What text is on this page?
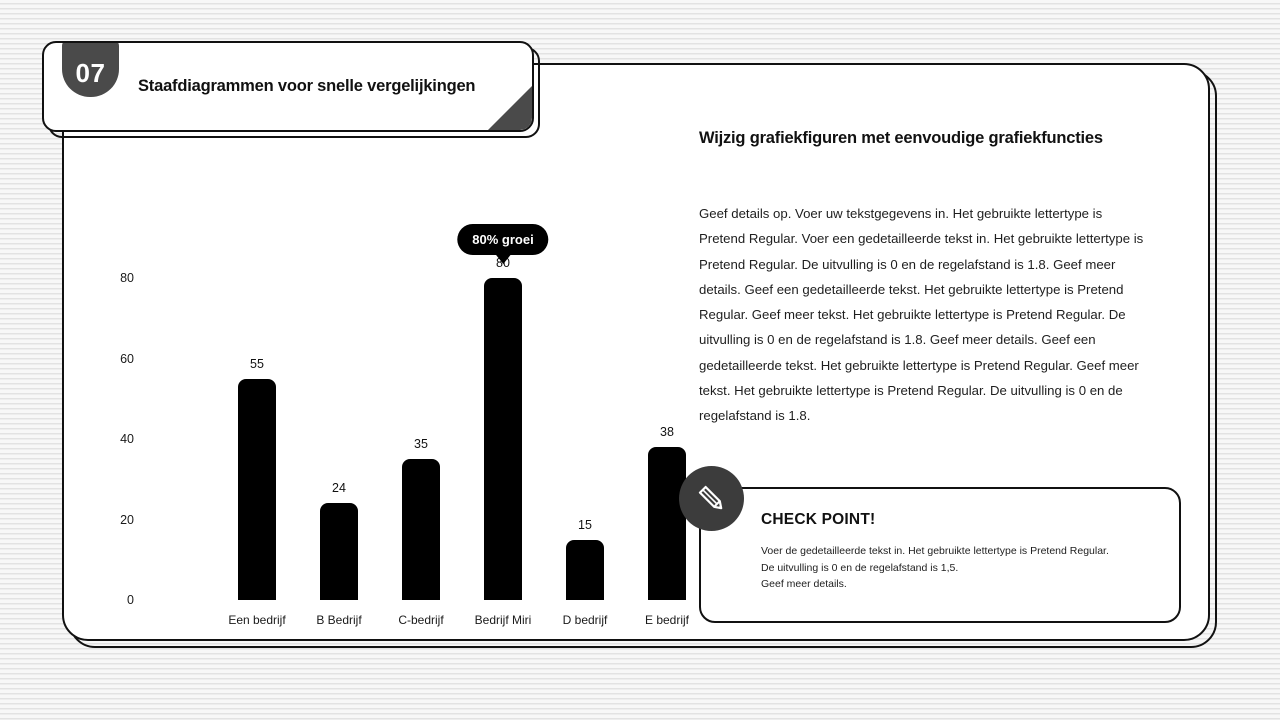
0
20
40
60
80
55
Een bedrijf
24
B Bedrijf
35
C-bedrijf	Bedrijf Miri
15
D bedrijf
38
E bedrijf
80% groei
07 Staafdiagrammen voor snelle vergelijkingen
Wijzig grafiekfiguren met eenvoudige grafiekfuncties
Geef details op. Voer uw tekstgegevens in. Het gebruikte lettertype is Pretend Regular. Voer een gedetailleerde tekst in. Het gebruikte lettertype is Pretend Regular. De uitvulling is 0 en de regelafstand is 1.8. Geef meer details. Geef een gedetailleerde tekst. Het gebruikte lettertype is Pretend Regular. Geef meer tekst. Het gebruikte lettertype is Pretend Regular. De uitvulling is 0 en de regelafstand is 1.8. Geef meer details. Geef een gedetailleerde tekst. Het gebruikte lettertype is Pretend Regular. Geef meer tekst. Het gebruikte lettertype is Pretend Regular. De uitvulling is 0 en de regelafstand is 1.8.
CHECK POINT!
Voer de gedetailleerde tekst in. Het gebruikte lettertype is Pretend Regular.
De uitvulling is 0 en de regelafstand is 1,5.
Geef meer details.
